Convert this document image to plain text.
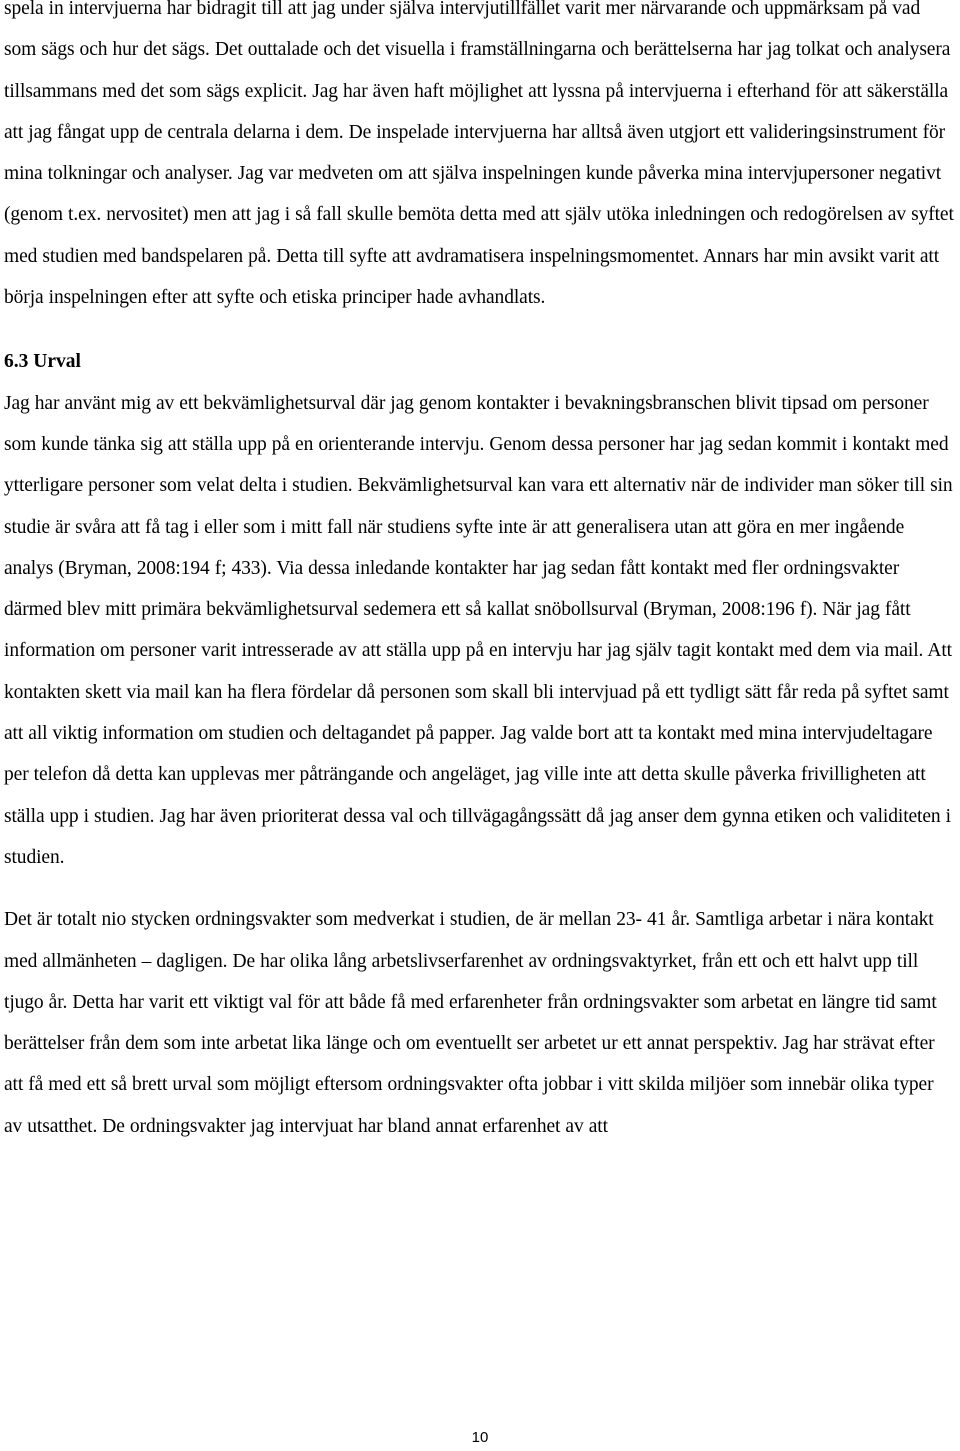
spela in intervjuerna har bidragit till att jag under själva intervjutillfället varit mer närvarande och uppmärksam på vad som sägs och hur det sägs. Det outtalade och det visuella i framställningarna och berättelserna har jag tolkat och analysera tillsammans med det som sägs explicit. Jag har även haft möjlighet att lyssna på intervjuerna i efterhand för att säkerställa att jag fångat upp de centrala delarna i dem. De inspelade intervjuerna har alltså även utgjort ett valideringsinstrument för mina tolkningar och analyser. Jag var medveten om att själva inspelningen kunde påverka mina intervjupersoner negativt (genom t.ex. nervositet) men att jag i så fall skulle bemöta detta med att själv utöka inledningen och redogörelsen av syftet med studien med bandspelaren på. Detta till syfte att avdramatisera inspelningsmomentet. Annars har min avsikt varit att börja inspelningen efter att syfte och etiska principer hade avhandlats.

6.3 Urval

Jag har använt mig av ett bekvämlighetsurval där jag genom kontakter i bevakningsbranschen blivit tipsad om personer som kunde tänka sig att ställa upp på en orienterande intervju. Genom dessa personer har jag sedan kommit i kontakt med ytterligare personer som velat delta i studien. Bekvämlighetsurval kan vara ett alternativ när de individer man söker till sin studie är svåra att få tag i eller som i mitt fall när studiens syfte inte är att generalisera utan att göra en mer ingående analys (Bryman, 2008:194 f; 433). Via dessa inledande kontakter har jag sedan fått kontakt med fler ordningsvakter därmed blev mitt primära bekvämlighetsurval sedemera ett så kallat snöbollsurval (Bryman, 2008:196 f). När jag fått information om personer varit intresserade av att ställa upp på en intervju har jag själv tagit kontakt med dem via mail. Att kontakten skett via mail kan ha flera fördelar då personen som skall bli intervjuad på ett tydligt sätt får reda på syftet samt att all viktig information om studien och deltagandet på papper. Jag valde bort att ta kontakt med mina intervjudeltagare per telefon då detta kan upplevas mer påträngande och angeläget, jag ville inte att detta skulle påverka frivilligheten att ställa upp i studien. Jag har även prioriterat dessa val och tillvägagångssätt då jag anser dem gynna etiken och validiteten i studien.

Det är totalt nio stycken ordningsvakter som medverkat i studien, de är mellan 23- 41 år. Samtliga arbetar i nära kontakt med allmänheten – dagligen. De har olika lång arbetslivserfarenhet av ordningsvaktyrket, från ett och ett halvt upp till tjugo år. Detta har varit ett viktigt val för att både få med erfarenheter från ordningsvakter som arbetat en längre tid samt berättelser från dem som inte arbetat lika länge och om eventuellt ser arbetet ur ett annat perspektiv. Jag har strävat efter att få med ett så brett urval som möjligt eftersom ordningsvakter ofta jobbar i vitt skilda miljöer som innebär olika typer av utsatthet. De ordningsvakter jag intervjuat har bland annat erfarenhet av att

10
